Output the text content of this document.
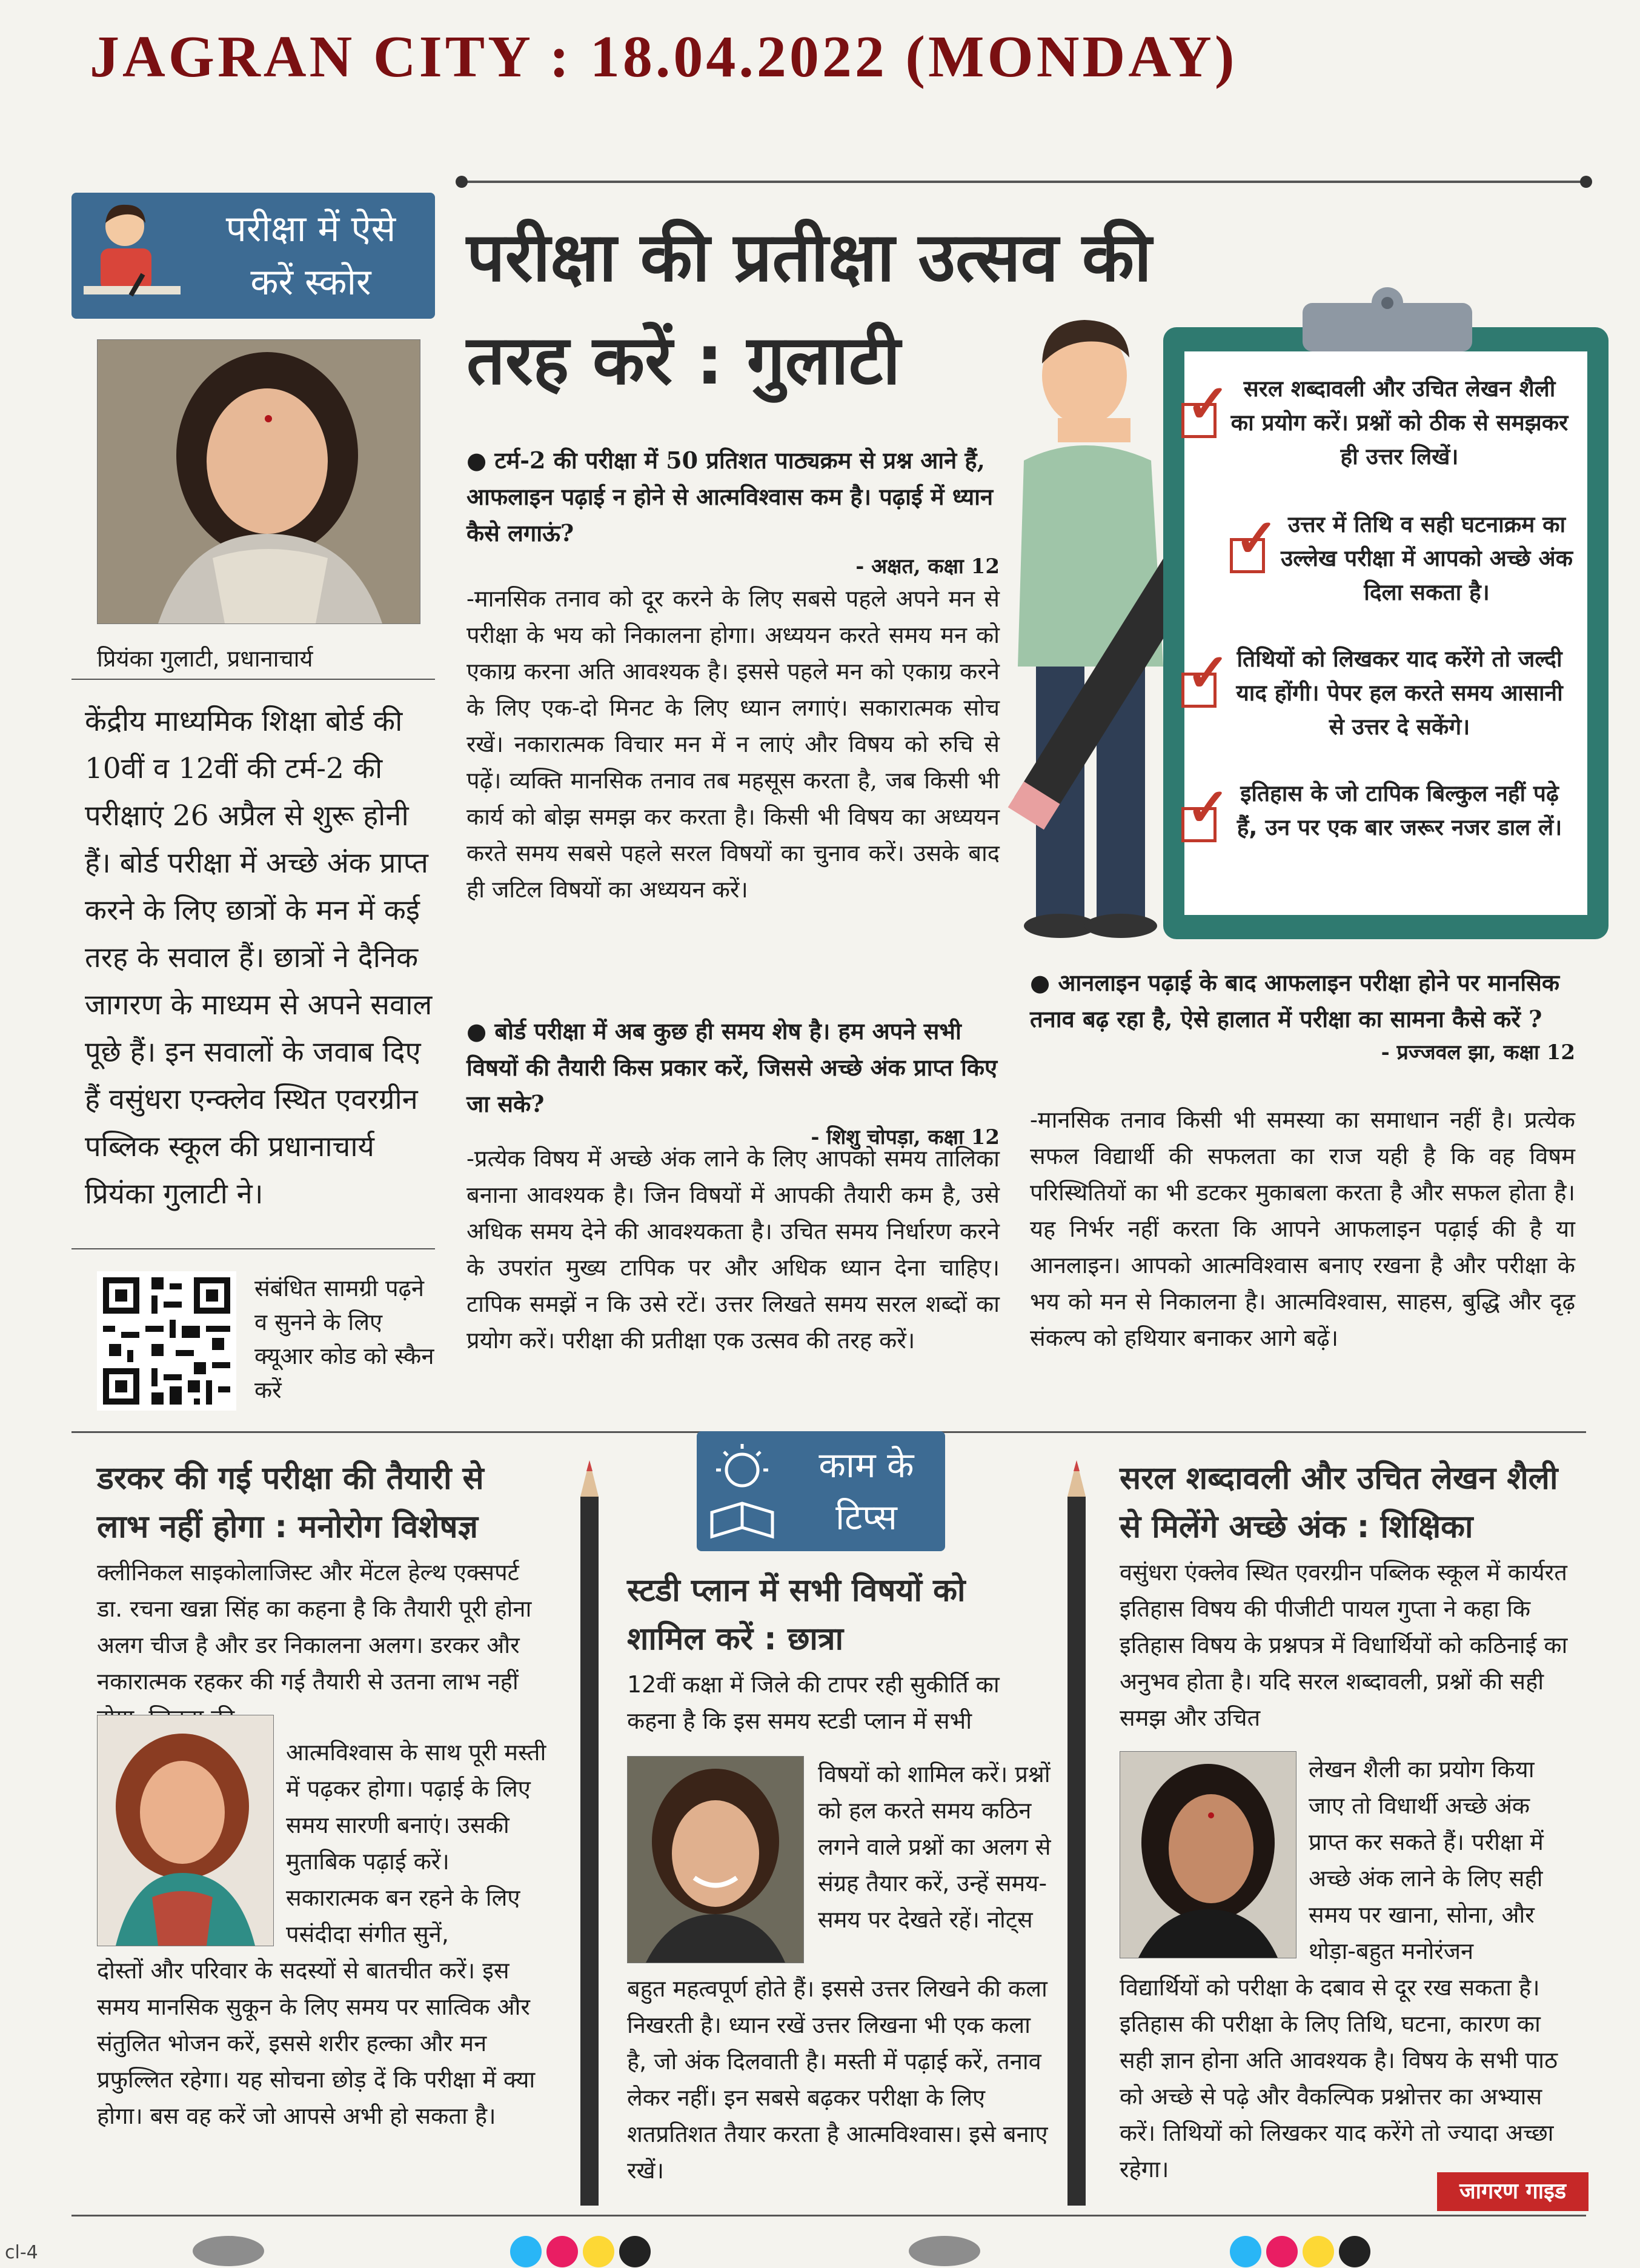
JAGRAN CITY : 18.04.2022 (MONDAY)
परीक्षा में ऐसे
करें स्कोर	परीक्षा की प्रतीक्षा उत्सव की
तरह करें : गुलाटी
प्रियंका गुलाटी, प्रधानाचार्य
केंद्रीय माध्यमिक शिक्षा बोर्ड की 10वीं व 12वीं की टर्म-2 की परीक्षाएं 26 अप्रैल से शुरू होनी हैं। बोर्ड परीक्षा में अच्छे अंक प्राप्त करने के लिए छात्रों के मन में कई तरह के सवाल हैं। छात्रों ने दैनिक जागरण के माध्यम से अपने सवाल पूछे हैं। इन सवालों के जवाब दिए हैं वसुंधरा एन्क्लेव स्थित एवरग्रीन पब्लिक स्कूल की प्रधानाचार्य प्रियंका गुलाटी ने।
संबंधित सामग्री पढ़ने व सुनने के लिए क्यूआर कोड को स्कैन करें
● टर्म-2 की परीक्षा में 50 प्रतिशत पाठ्यक्रम से प्रश्न आने हैं, आफलाइन पढ़ाई न होने से आत्मविश्वास कम है। पढ़ाई में ध्यान कैसे लगाऊं?
- अक्षत, कक्षा 12
-मानसिक तनाव को दूर करने के लिए सबसे पहले अपने मन से परीक्षा के भय को निकालना होगा। अध्ययन करते समय मन को एकाग्र करना अति आवश्यक है। इससे पहले मन को एकाग्र करने के लिए एक-दो मिनट के लिए ध्यान लगाएं। सकारात्मक सोच रखें। नकारात्मक विचार मन में न लाएं और विषय को रुचि से पढ़ें। व्यक्ति मानसिक तनाव तब महसूस करता है, जब किसी भी कार्य को बोझ समझ कर करता है। किसी भी विषय का अध्ययन करते समय सबसे पहले सरल विषयों का चुनाव करें। उसके बाद ही जटिल विषयों का अध्ययन करें।
● बोर्ड परीक्षा में अब कुछ ही समय शेष है। हम अपने सभी विषयों की तैयारी किस प्रकार करें, जिससे अच्छे अंक प्राप्त किए जा सके?
- शिशु चोपड़ा, कक्षा 12
-प्रत्येक विषय में अच्छे अंक लाने के लिए आपको समय तालिका बनाना आवश्यक है। जिन विषयों में आपकी तैयारी कम है, उसे अधिक समय देने की आवश्यकता है। उचित समय निर्धारण करने के उपरांत मुख्य टापिक पर और अधिक ध्यान देना चाहिए। टापिक समझें न कि उसे रटें। उत्तर लिखते समय सरल शब्दों का प्रयोग करें। परीक्षा की प्रतीक्षा एक उत्सव की तरह करें।
✓ सरल शब्दावली और उचित लेखन शैली का प्रयोग करें। प्रश्नों को ठीक से समझकर ही उत्तर लिखें।
✓ उत्तर में तिथि व सही घटनाक्रम का उल्लेख परीक्षा में आपको अच्छे अंक दिला सकता है।
✓ तिथियों को लिखकर याद करेंगे तो जल्दी याद होंगी। पेपर हल करते समय आसानी से उत्तर दे सकेंगे।
✓ इतिहास के जो टापिक बिल्कुल नहीं पढ़े हैं, उन पर एक बार जरूर नजर डाल लें।
● आनलाइन पढ़ाई के बाद आफलाइन परीक्षा होने पर मानसिक तनाव बढ़ रहा है, ऐसे हालात में परीक्षा का सामना कैसे करें ?
- प्रज्जवल झा, कक्षा 12
-मानसिक तनाव किसी भी समस्या का समाधान नहीं है। प्रत्येक सफल विद्यार्थी की सफलता का राज यही है कि वह विषम परिस्थितियों का भी डटकर मुकाबला करता है और सफल होता है। यह निर्भर नहीं करता कि आपने आफलाइन पढ़ाई की है या आनलाइन। आपको आत्मविश्वास बनाए रखना है और परीक्षा के भय को मन से निकालना है। आत्मविश्वास, साहस, बुद्धि और दृढ़ संकल्प को हथियार बनाकर आगे बढ़ें।
काम के
टिप्स
डरकर की गई परीक्षा की तैयारी से लाभ नहीं होगा : मनोरोग विशेषज्ञ
क्लीनिकल साइकोलाजिस्ट और मेंटल हेल्थ एक्सपर्ट डा. रचना खन्ना सिंह का कहना है कि तैयारी पूरी होना अलग चीज है और डर निकालना अलग। डरकर और नकारात्मक रहकर की गई तैयारी से उतना लाभ नहीं
आत्मविश्वास के साथ पूरी मस्ती में पढ़कर होगा। पढ़ाई के लिए समय सारणी बनाएं। उसकी मुताबिक पढ़ाई करें। सकारात्मक बन रहने के लिए पसंदीदा संगीत सुनें,
दोस्तों और परिवार के सदस्यों से बातचीत करें। इस समय मानसिक सुकून के लिए समय पर सात्विक और संतुलित भोजन करें, इससे शरीर हल्का और मन प्रफुल्लित रहेगा। यह सोचना छोड़ दें कि परीक्षा में क्या होगा। बस वह करें जो आपसे अभी हो सकता है।
स्टडी प्लान में सभी विषयों को शामिल करें : छात्रा
12वीं कक्षा में जिले की टापर रही सुकीर्ति का कहना है कि इस समय स्टडी प्लान में सभी
विषयों को शामिल करें। प्रश्नों को हल करते समय कठिन लगने वाले प्रश्नों का अलग से संग्रह तैयार करें, उन्हें समय-समय पर देखते रहें। नोट्स
बहुत महत्वपूर्ण होते हैं। इससे उत्तर लिखने की कला निखरती है। ध्यान रखें उत्तर लिखना भी एक कला है, जो अंक दिलवाती है। मस्ती में पढ़ाई करें, तनाव लेकर नहीं। इन सबसे बढ़कर परीक्षा के लिए शतप्रतिशत तैयार करता है आत्मविश्वास। इसे बनाए रखें।
सरल शब्दावली और उचित लेखन शैली से मिलेंगे अच्छे अंक : शिक्षिका
वसुंधरा एंक्लेव स्थित एवरग्रीन पब्लिक स्कूल में कार्यरत इतिहास विषय की पीजीटी पायल गुप्ता ने कहा कि इतिहास विषय के प्रश्नपत्र में विधार्थियों को कठिनाई का अनुभव होता है। यदि सरल शब्दावली, प्रश्नों की सही समझ और उचित
लेखन शैली का प्रयोग किया जाए तो विधार्थी अच्छे अंक प्राप्त कर सकते हैं। परीक्षा में अच्छे अंक लाने के लिए सही समय पर खाना, सोना, और थोड़ा-बहुत मनोरंजन
विद्यार्थियों को परीक्षा के दबाव से दूर रख सकता है। इतिहास की परीक्षा के लिए तिथि, घटना, कारण का सही ज्ञान होना अति आवश्यक है। विषय के सभी पाठ को अच्छे से पढ़े और वैकल्पिक प्रश्नोत्तर का अभ्यास करें। तिथियों को लिखकर याद करेंगे तो ज्यादा अच्छा रहेगा।
जागरण गाइड
cl-4
